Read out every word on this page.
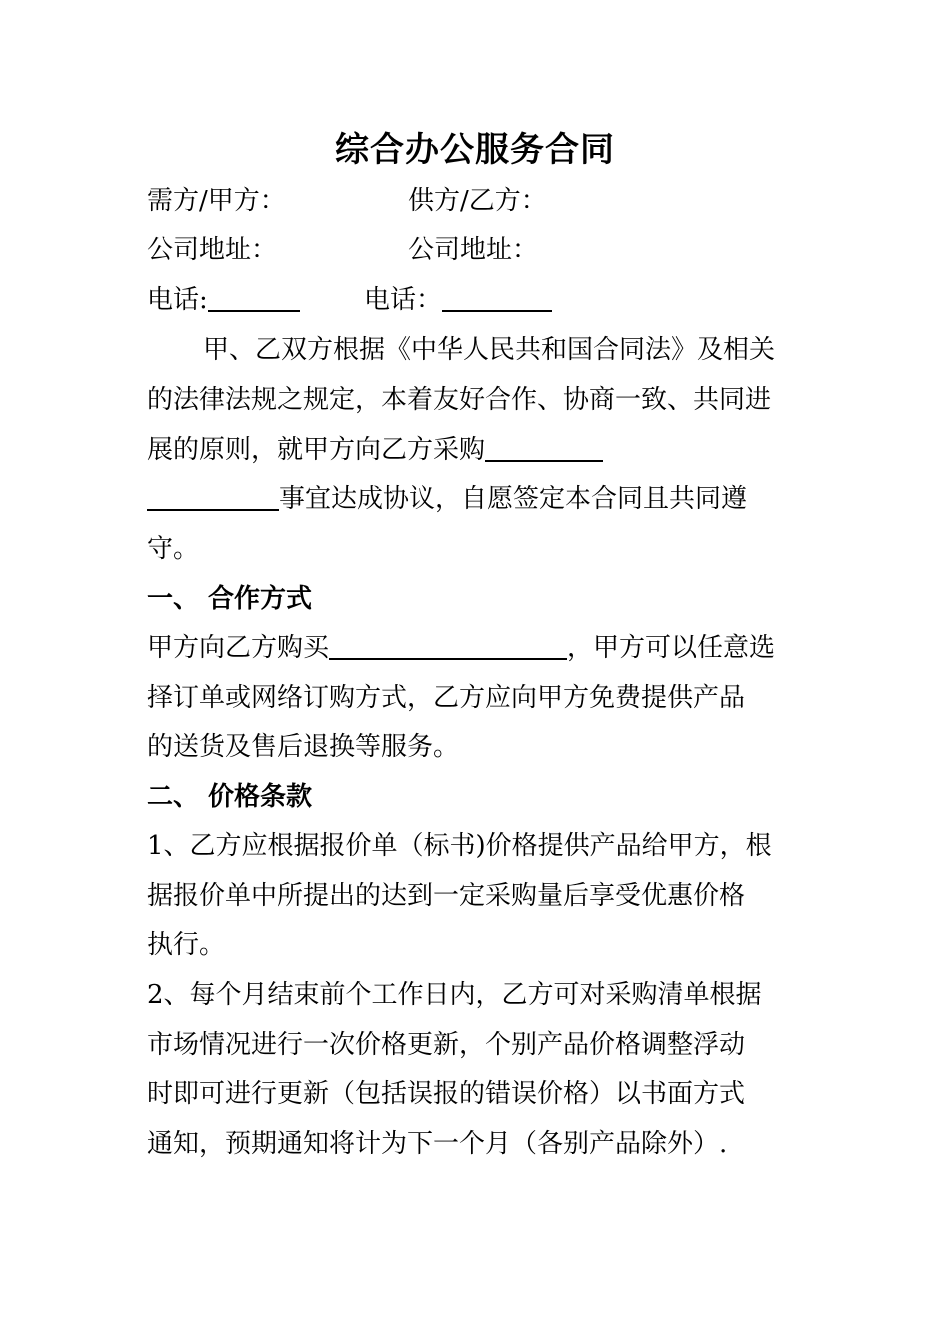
综合办公服务合同
需方/甲方：	供方/乙方：
公司地址：	公司地址：
电话:	电话：
甲、乙双方根据《中华人民共和国合同法》及相关
的法律法规之规定，本着友好合作、协商一致、共同进
展的原则，就甲方向乙方采购
事宜达成协议，自愿签定本合同且共同遵
守。
一、 合作方式
甲方向乙方购买	，甲方可以任意选
择订单或网络订购方式，乙方应向甲方免费提供产品
的送货及售后退换等服务。
二、 价格条款
1、乙方应根据报价单（标书)价格提供产品给甲方，根
据报价单中所提出的达到一定采购量后享受优惠价格
执行。
2、每个月结束前个工作日内，乙方可对采购清单根据
市场情况进行一次价格更新，个别产品价格调整浮动
时即可进行更新（包括误报的错误价格）以书面方式
通知，预期通知将计为下一个月（各别产品除外）.
